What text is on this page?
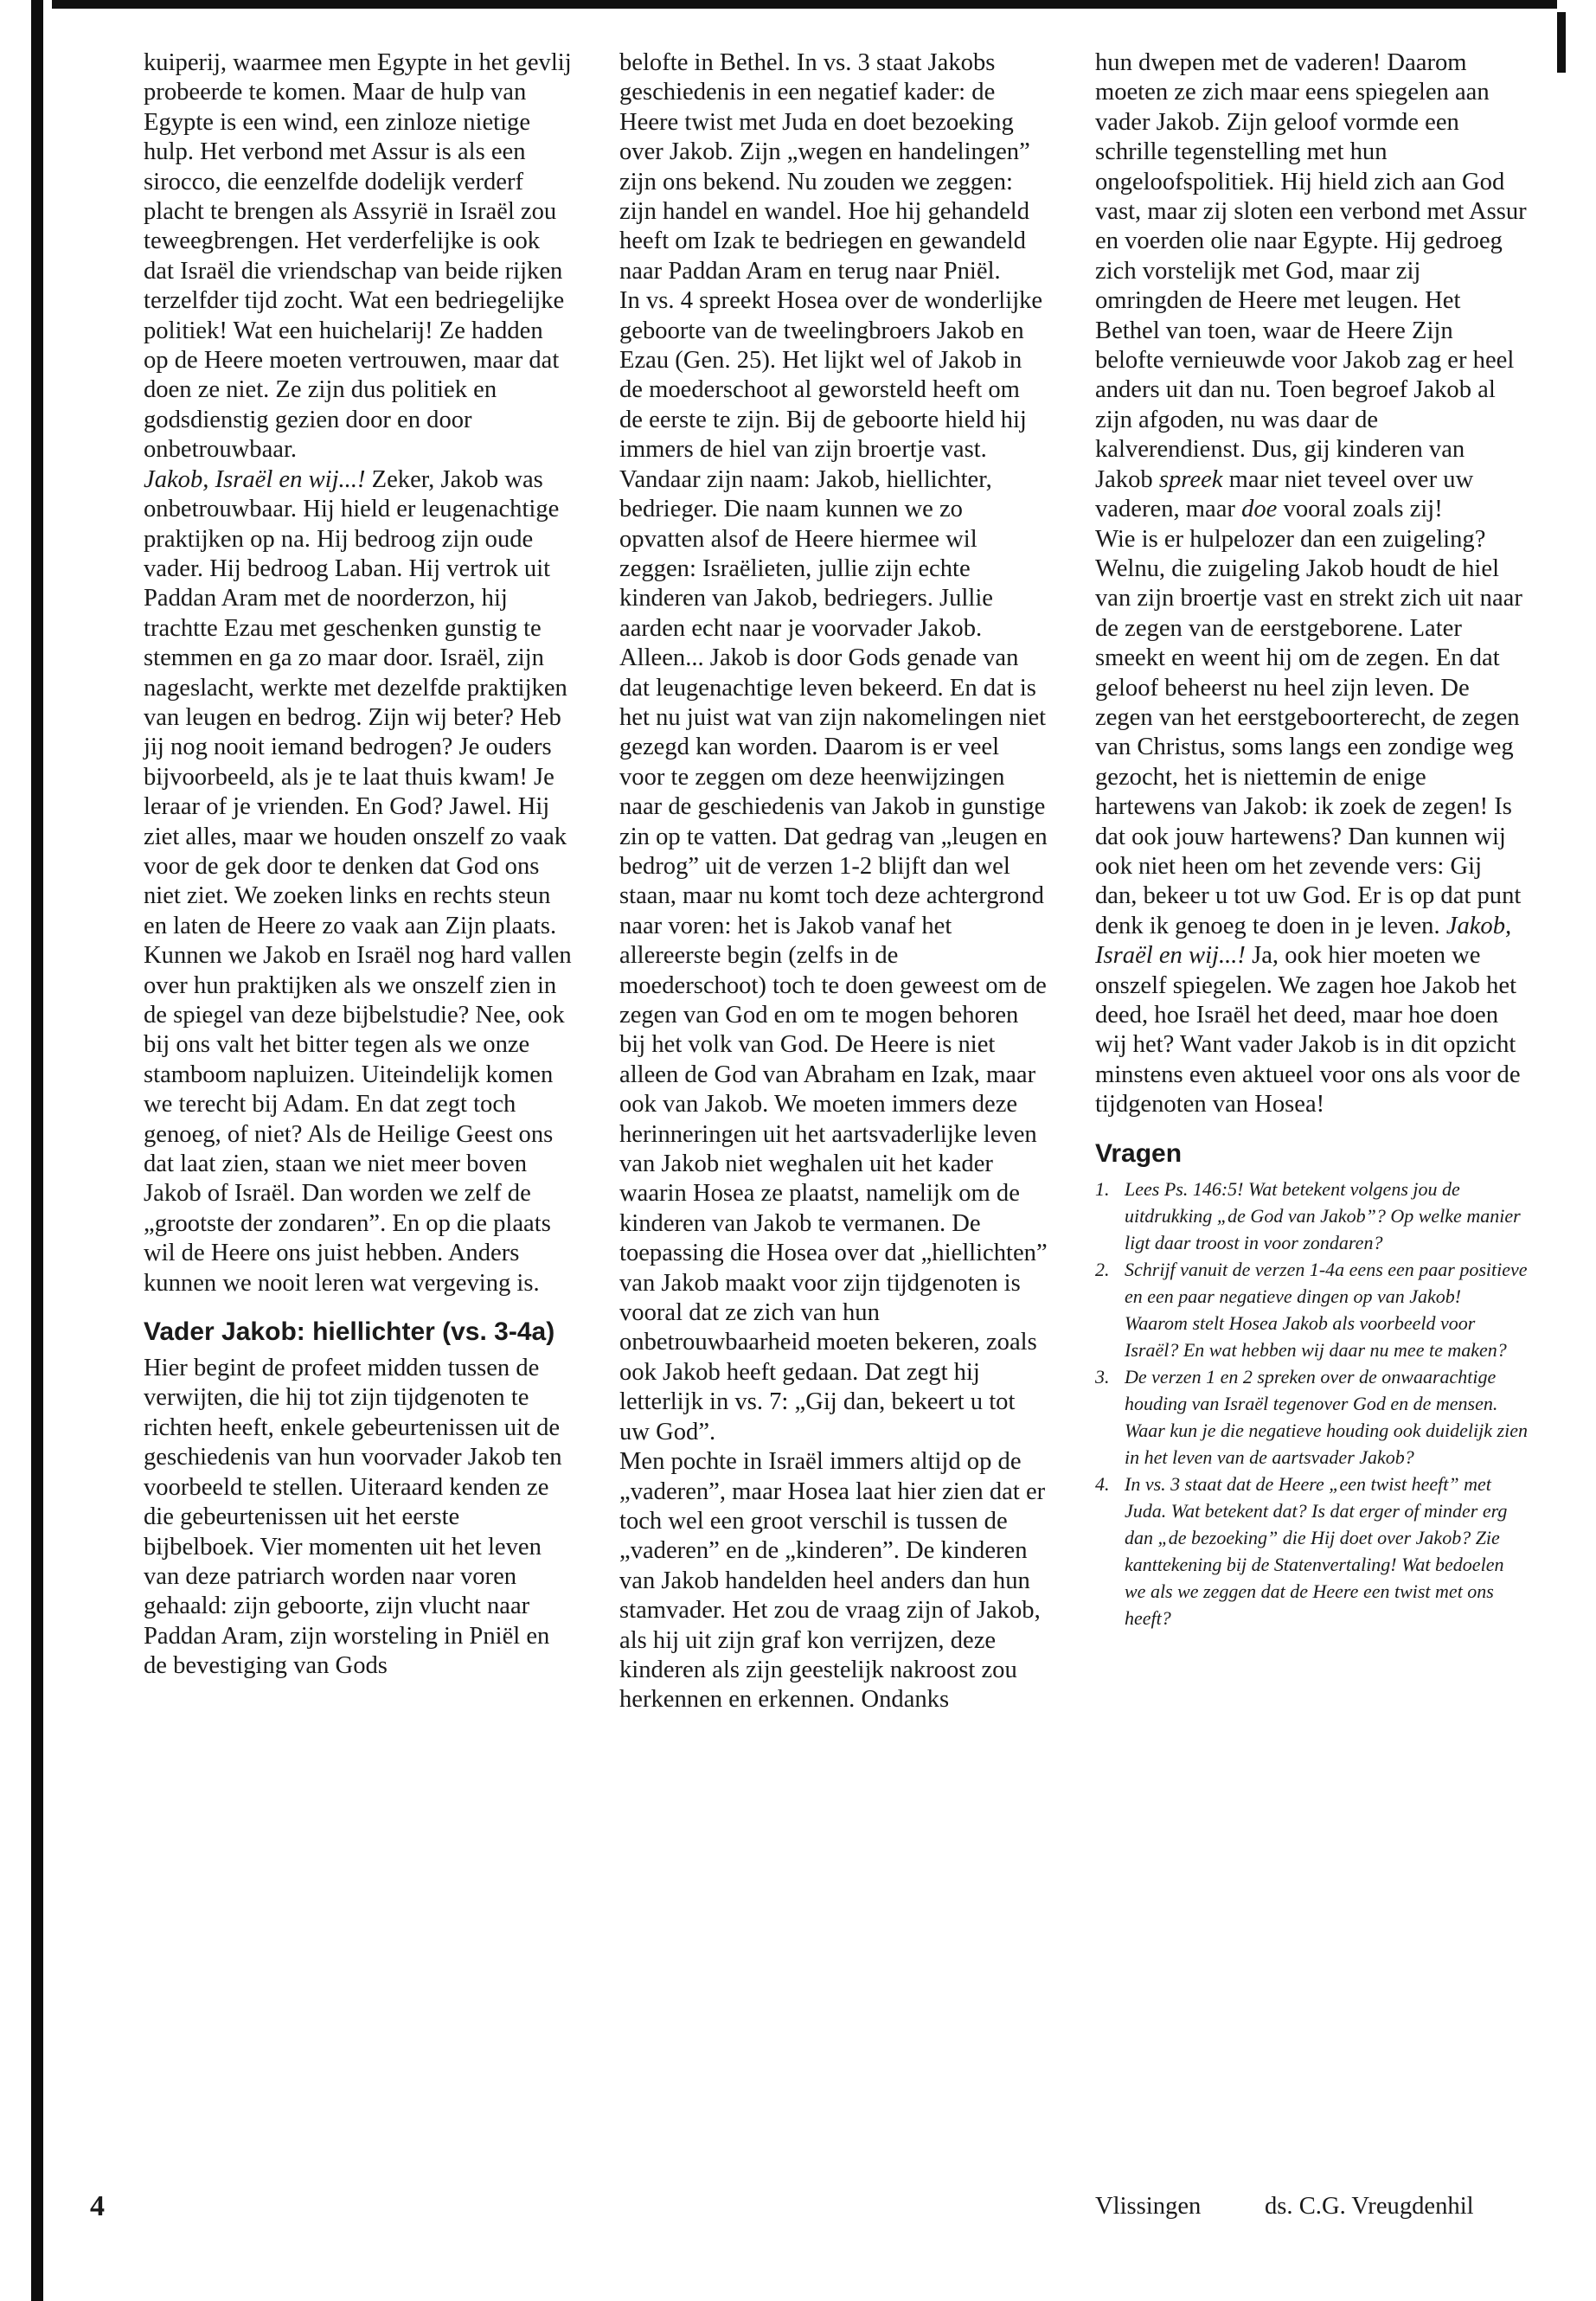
4

kuiperij, waarmee men Egypte in het gevlij probeerde te komen. Maar de hulp van Egypte is een wind, een zinloze nietige hulp. Het verbond met Assur is als een sirocco, die eenzelfde dodelijk verderf placht te brengen als Assyrië in Israël zou teweegbrengen. Het verderfelijke is ook dat Israël die vriendschap van beide rijken terzelfder tijd zocht. Wat een bedriegelijke politiek! Wat een huichelarij! Ze hadden op de Heere moeten vertrouwen, maar dat doen ze niet. Ze zijn dus politiek en godsdienstig gezien door en door onbetrouwbaar.

Jakob, Israël en wij...! Zeker, Jakob was onbetrouwbaar. Hij hield er leugenachtige praktijken op na. Hij bedroog zijn oude vader. Hij bedroog Laban. Hij vertrok uit Paddan Aram met de noorderzon, hij trachtte Ezau met geschenken gunstig te stemmen en ga zo maar door. Israël, zijn nageslacht, werkte met dezelfde praktijken van leugen en bedrog. Zijn wij beter? Heb jij nog nooit iemand bedrogen? Je ouders bijvoorbeeld, als je te laat thuis kwam! Je leraar of je vrienden. En God? Jawel. Hij ziet alles, maar we houden onszelf zo vaak voor de gek door te denken dat God ons niet ziet. We zoeken links en rechts steun en laten de Heere zo vaak aan Zijn plaats. Kunnen we Jakob en Israël nog hard vallen over hun praktijken als we onszelf zien in de spiegel van deze bijbelstudie? Nee, ook bij ons valt het bitter tegen als we onze stamboom napluizen. Uiteindelijk komen we terecht bij Adam. En dat zegt toch genoeg, of niet? Als de Heilige Geest ons dat laat zien, staan we niet meer boven Jakob of Israël. Dan worden we zelf de „grootste der zondaren”. En op die plaats wil de Heere ons juist hebben. Anders kunnen we nooit leren wat vergeving is.

Vader Jakob: hiellichter (vs. 3-4a)

Hier begint de profeet midden tussen de verwijten, die hij tot zijn tijdgenoten te richten heeft, enkele gebeurtenissen uit de geschiedenis van hun voorvader Jakob ten voorbeeld te stellen. Uiteraard kenden ze die gebeurtenissen uit het eerste bijbelboek. Vier momenten uit het leven van deze patriarch worden naar voren gehaald: zijn geboorte, zijn vlucht naar Paddan Aram, zijn worsteling in Pniël en de bevestiging van Gods

belofte in Bethel. In vs. 3 staat Jakobs geschiedenis in een negatief kader: de Heere twist met Juda en doet bezoeking over Jakob. Zijn „wegen en handelingen” zijn ons bekend. Nu zouden we zeggen: zijn handel en wandel. Hoe hij gehandeld heeft om Izak te bedriegen en gewandeld naar Paddan Aram en terug naar Pniël.

In vs. 4 spreekt Hosea over de wonderlijke geboorte van de tweelingbroers Jakob en Ezau (Gen. 25). Het lijkt wel of Jakob in de moederschoot al geworsteld heeft om de eerste te zijn. Bij de geboorte hield hij immers de hiel van zijn broertje vast. Vandaar zijn naam: Jakob, hiellichter, bedrieger. Die naam kunnen we zo opvatten alsof de Heere hiermee wil zeggen: Israëlieten, jullie zijn echte kinderen van Jakob, bedriegers. Jullie aarden echt naar je voorvader Jakob. Alleen... Jakob is door Gods genade van dat leugenachtige leven bekeerd. En dat is het nu juist wat van zijn nakomelingen niet gezegd kan worden. Daarom is er veel voor te zeggen om deze heenwijzingen naar de geschiedenis van Jakob in gunstige zin op te vatten. Dat gedrag van „leugen en bedrog” uit de verzen 1-2 blijft dan wel staan, maar nu komt toch deze achtergrond naar voren: het is Jakob vanaf het allereerste begin (zelfs in de moederschoot) toch te doen geweest om de zegen van God en om te mogen behoren bij het volk van God. De Heere is niet alleen de God van Abraham en Izak, maar ook van Jakob. We moeten immers deze herinneringen uit het aartsvaderlijke leven van Jakob niet weghalen uit het kader waarin Hosea ze plaatst, namelijk om de kinderen van Jakob te vermanen. De toepassing die Hosea over dat „hiellichten” van Jakob maakt voor zijn tijdgenoten is vooral dat ze zich van hun onbetrouwbaarheid moeten bekeren, zoals ook Jakob heeft gedaan. Dat zegt hij letterlijk in vs. 7: „Gij dan, bekeert u tot uw God”.

Men pochte in Israël immers altijd op de „vaderen”, maar Hosea laat hier zien dat er toch wel een groot verschil is tussen de „vaderen” en de „kinderen”. De kinderen van Jakob handelden heel anders dan hun stamvader. Het zou de vraag zijn of Jakob, als hij uit zijn graf kon verrijzen, deze kinderen als zijn geestelijk nakroost zou herkennen en erkennen. Ondanks

hun dwepen met de vaderen! Daarom moeten ze zich maar eens spiegelen aan vader Jakob. Zijn geloof vormde een schrille tegenstelling met hun ongeloofspolitiek. Hij hield zich aan God vast, maar zij sloten een verbond met Assur en voerden olie naar Egypte. Hij gedroeg zich vorstelijk met God, maar zij omringden de Heere met leugen. Het Bethel van toen, waar de Heere Zijn belofte vernieuwde voor Jakob zag er heel anders uit dan nu. Toen begroef Jakob al zijn afgoden, nu was daar de kalverendienst. Dus, gij kinderen van Jakob spreek maar niet teveel over uw vaderen, maar doe vooral zoals zij!

Wie is er hulpelozer dan een zuigeling? Welnu, die zuigeling Jakob houdt de hiel van zijn broertje vast en strekt zich uit naar de zegen van de eerstgeborene. Later smeekt en weent hij om de zegen. En dat geloof beheerst nu heel zijn leven. De zegen van het eerstgeboorterecht, de zegen van Christus, soms langs een zondige weg gezocht, het is niettemin de enige hartewens van Jakob: ik zoek de zegen! Is dat ook jouw hartewens? Dan kunnen wij ook niet heen om het zevende vers: Gij dan, bekeer u tot uw God. Er is op dat punt denk ik genoeg te doen in je leven. Jakob, Israël en wij...! Ja, ook hier moeten we onszelf spiegelen. We zagen hoe Jakob het deed, hoe Israël het deed, maar hoe doen wij het? Want vader Jakob is in dit opzicht minstens even aktueel voor ons als voor de tijdgenoten van Hosea!

Vragen
1. Lees Ps. 146:5! Wat betekent volgens jou de uitdrukking „de God van Jakob”? Op welke manier ligt daar troost in voor zondaren?
2. Schrijf vanuit de verzen 1-4a eens een paar positieve en een paar negatieve dingen op van Jakob! Waarom stelt Hosea Jakob als voorbeeld voor Israël? En wat hebben wij daar nu mee te maken?
3. De verzen 1 en 2 spreken over de onwaarachtige houding van Israël tegenover God en de mensen. Waar kun je die negatieve houding ook duidelijk zien in het leven van de aartsvader Jakob?
4. In vs. 3 staat dat de Heere „een twist heeft” met Juda. Wat betekent dat? Is dat erger of minder erg dan „de bezoeking” die Hij doet over Jakob? Zie kanttekening bij de Statenvertaling! Wat bedoelen we als we zeggen dat de Heere een twist met ons heeft?
Vlissingen	ds. C.G. Vreugdenhil
